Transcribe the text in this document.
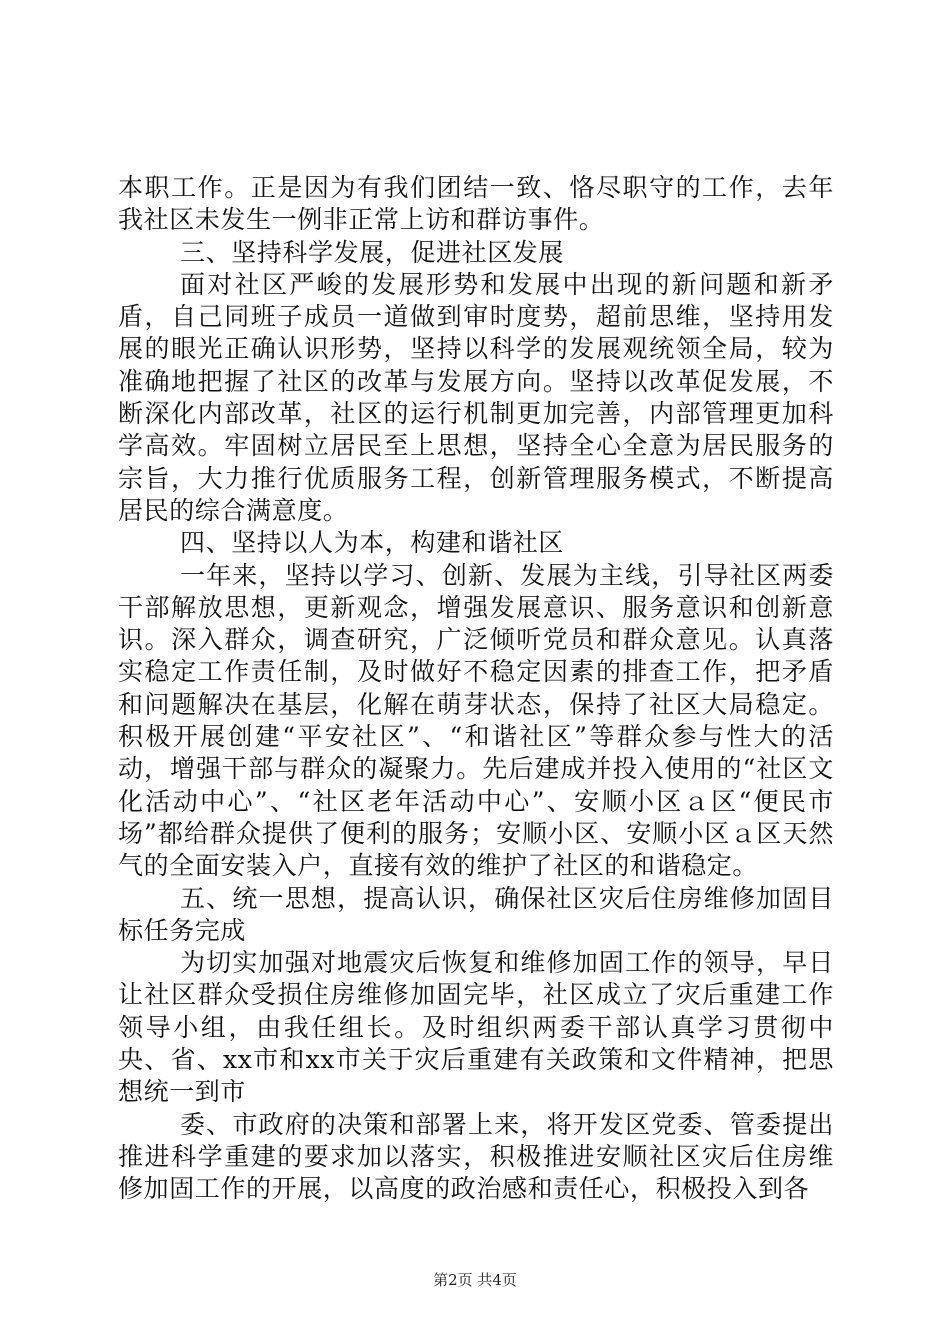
本职工作。正是因为有我们团结一致、恪尽职守的工作，去年我社区未发生一例非正常上访和群访事件。

三、坚持科学发展，促进社区发展

面对社区严峻的发展形势和发展中出现的新问题和新矛盾，自己同班子成员一道做到审时度势，超前思维，坚持用发展的眼光正确认识形势，坚持以科学的发展观统领全局，较为准确地把握了社区的改革与发展方向。坚持以改革促发展，不断深化内部改革，社区的运行机制更加完善，内部管理更加科学高效。牢固树立居民至上思想，坚持全心全意为居民服务的宗旨，大力推行优质服务工程，创新管理服务模式，不断提高居民的综合满意度。

四、坚持以人为本，构建和谐社区

一年来，坚持以学习、创新、发展为主线，引导社区两委干部解放思想，更新观念，增强发展意识、服务意识和创新意识。深入群众，调查研究，广泛倾听党员和群众意见。认真落实稳定工作责任制，及时做好不稳定因素的排查工作，把矛盾和问题解决在基层，化解在萌芽状态，保持了社区大局稳定。积极开展创建“平安社区”、“和谐社区”等群众参与性大的活动，增强干部与群众的凝聚力。先后建成并投入使用的“社区文化活动中心”、“社区老年活动中心”、安顺小区ａ区“便民市场”都给群众提供了便利的服务；安顺小区、安顺小区ａ区天然气的全面安装入户，直接有效的维护了社区的和谐稳定。

五、统一思想，提高认识，确保社区灾后住房维修加固目标任务完成

为切实加强对地震灾后恢复和维修加固工作的领导，早日让社区群众受损住房维修加固完毕，社区成立了灾后重建工作领导小组，由我任组长。及时组织两委干部认真学习贯彻中央、省、xx市和xx市关于灾后重建有关政策和文件精神，把思想统一到市

委、市政府的决策和部署上来，将开发区党委、管委提出推进科学重建的要求加以落实，积极推进安顺社区灾后住房维修加固工作的开展，以高度的政治感和责任心，积极投入到各

第2页 共4页
